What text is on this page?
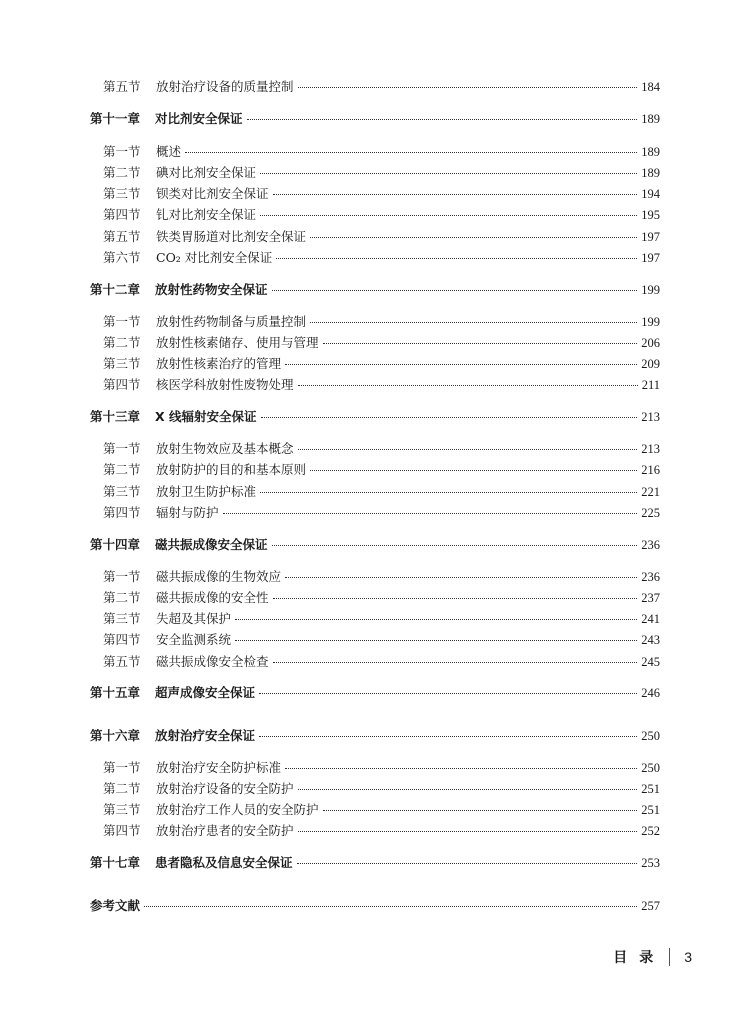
第五节	放射治疗设备的质量控制	184
第十一章	对比剂安全保证	189
第一节	概述	189
第二节	碘对比剂安全保证	189
第三节	钡类对比剂安全保证	194
第四节	钆对比剂安全保证	195
第五节	铁类胃肠道对比剂安全保证	197
第六节	CO₂ 对比剂安全保证	197
第十二章	放射性药物安全保证	199
第一节	放射性药物制备与质量控制	199
第二节	放射性核素储存、使用与管理	206
第三节	放射性核素治疗的管理	209
第四节	核医学科放射性废物处理	211
第十三章	X 线辐射安全保证	213
第一节	放射生物效应及基本概念	213
第二节	放射防护的目的和基本原则	216
第三节	放射卫生防护标准	221
第四节	辐射与防护	225
第十四章	磁共振成像安全保证	236
第一节	磁共振成像的生物效应	236
第二节	磁共振成像的安全性	237
第三节	失超及其保护	241
第四节	安全监测系统	243
第五节	磁共振成像安全检查	245
第十五章	超声成像安全保证	246
第十六章	放射治疗安全保证	250
第一节	放射治疗安全防护标准	250
第二节	放射治疗设备的安全防护	251
第三节	放射治疗工作人员的安全防护	251
第四节	放射治疗患者的安全防护	252
第十七章	患者隐私及信息安全保证	253
参考文献	257
目录 3
